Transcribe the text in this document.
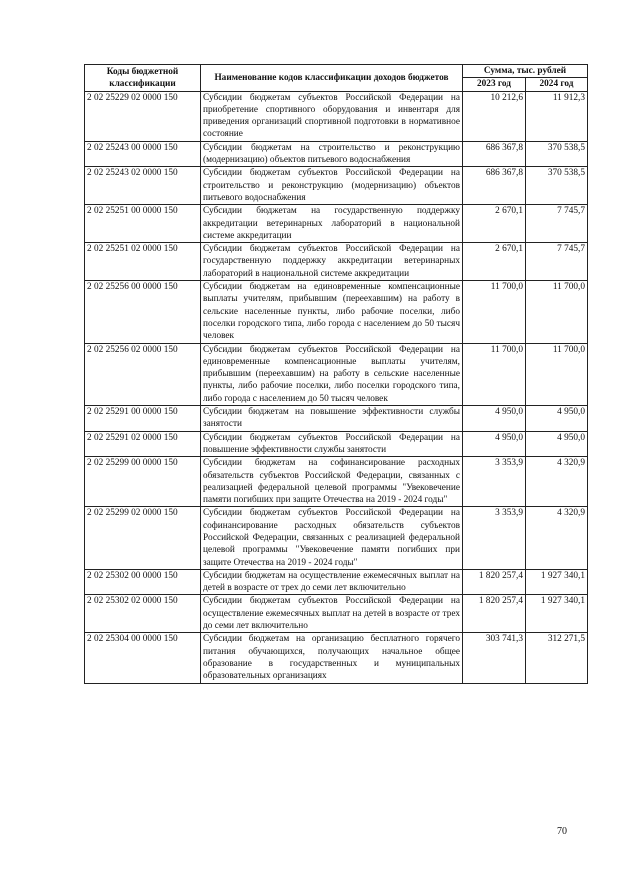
Коды бюджетной классификации	Наименование кодов классификации доходов бюджетов	Сумма, тыс. рублей	
		2023 год	2024 год
2 02 25229 02 0000 150	Субсидии бюджетам субъектов Российской Федерации на приобретение спортивного оборудования и инвентаря для приведения организаций спортивной подготовки в нормативное состояние	10 212,6	11 912,3
2 02 25243 00 0000 150	Субсидии бюджетам на строительство и реконструкцию (модернизацию) объектов питьевого водоснабжения	686 367,8	370 538,5
2 02 25243 02 0000 150	Субсидии бюджетам субъектов Российской Федерации на строительство и реконструкцию (модернизацию) объектов питьевого водоснабжения	686 367,8	370 538,5
2 02 25251 00 0000 150	Субсидии бюджетам на государственную поддержку аккредитации ветеринарных лабораторий в национальной системе аккредитации	2 670,1	7 745,7
2 02 25251 02 0000 150	Субсидии бюджетам субъектов Российской Федерации на государственную поддержку аккредитации ветеринарных лабораторий в национальной системе аккредитации	2 670,1	7 745,7
2 02 25256 00 0000 150	Субсидии бюджетам на единовременные компенсационные выплаты учителям, прибывшим (переехавшим) на работу в сельские населенные пункты, либо рабочие поселки, либо поселки городского типа, либо города с населением до 50 тысяч человек	11 700,0	11 700,0
2 02 25256 02 0000 150	Субсидии бюджетам субъектов Российской Федерации на единовременные компенсационные выплаты учителям, прибывшим (переехавшим) на работу в сельские населенные пункты, либо рабочие поселки, либо поселки городского типа, либо города с населением до 50 тысяч человек	11 700,0	11 700,0
2 02 25291 00 0000 150	Субсидии бюджетам на повышение эффективности службы занятости	4 950,0	4 950,0
2 02 25291 02 0000 150	Субсидии бюджетам субъектов Российской Федерации на повышение эффективности службы занятости	4 950,0	4 950,0
2 02 25299 00 0000 150	Субсидии бюджетам на софинансирование расходных обязательств субъектов Российской Федерации, связанных с реализацией федеральной целевой программы "Увековечение памяти погибших при защите Отечества на 2019 - 2024 годы"	3 353,9	4 320,9
2 02 25299 02 0000 150	Субсидии бюджетам субъектов Российской Федерации на софинансирование расходных обязательств субъектов Российской Федерации, связанных с реализацией федеральной целевой программы "Увековечение памяти погибших при защите Отечества на 2019 - 2024 годы"	3 353,9	4 320,9
2 02 25302 00 0000 150	Субсидии бюджетам на осуществление ежемесячных выплат на детей в возрасте от трех до семи лет включительно	1 820 257,4	1 927 340,1
2 02 25302 02 0000 150	Субсидии бюджетам субъектов Российской Федерации на осуществление ежемесячных выплат на детей в возрасте от трех до семи лет включительно	1 820 257,4	1 927 340,1
2 02 25304 00 0000 150	Субсидии бюджетам на организацию бесплатного горячего питания обучающихся, получающих начальное общее образование в государственных и муниципальных образовательных организациях	303 741,3	312 271,5
70
